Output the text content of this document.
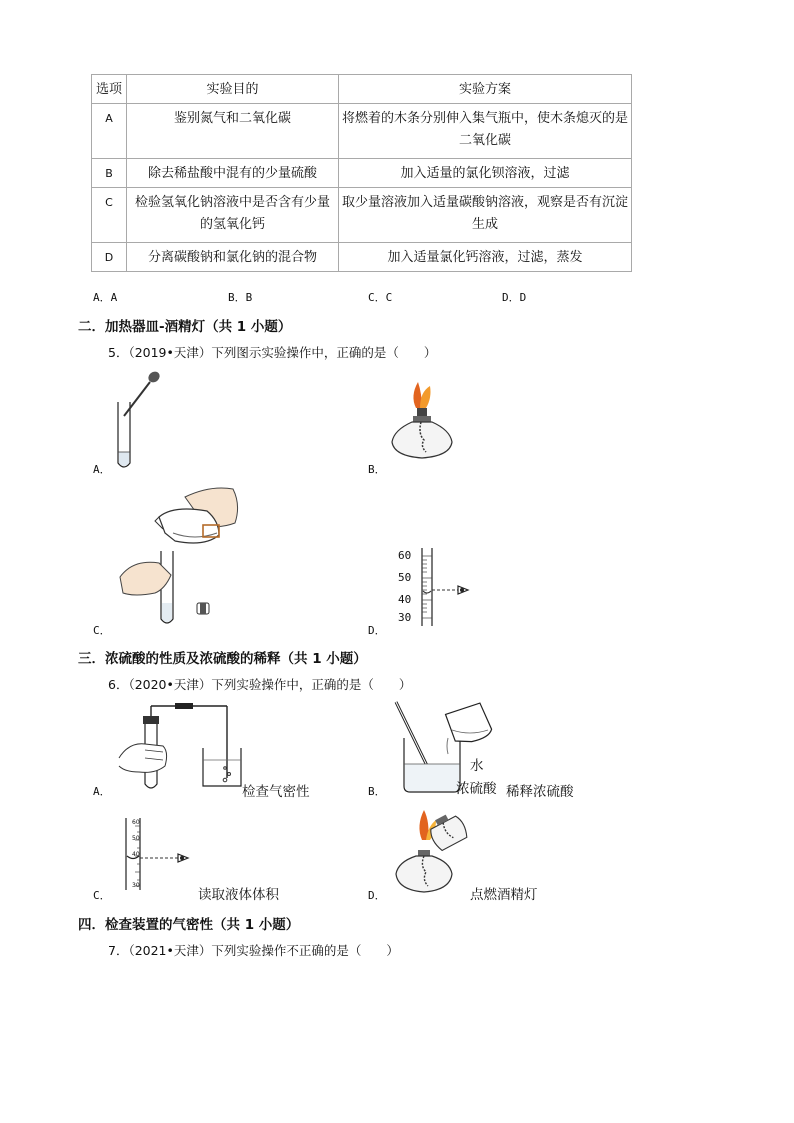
选项	实验目的	实验方案
A	鉴别氮气和二氧化碳	将燃着的木条分别伸入集气瓶中，使木条熄灭的是二氧化碳
B	除去稀盐酸中混有的少量硫酸	加入适量的氯化钡溶液，过滤
C	检验氢氧化钠溶液中是否含有少量的氢氧化钙	取少量溶液加入适量碳酸钠溶液，观察是否有沉淀生成
D	分离碳酸钠和氯化钠的混合物	加入适量氯化钙溶液，过滤，蒸发
A．A	B．B	C．C	D．D
二．加热器皿-酒精灯（共 1 小题）
5．（2019•天津）下列图示实验操作中，正确的是（　　）
A．	B．
C．
60
50
40
30
D．
三．浓硫酸的性质及浓硫酸的稀释（共 1 小题）
6．（2020•天津）下列实验操作中，正确的是（　　）
A．	检查气密性
水
浓硫酸
B．	稀释浓硫酸
60
50
40
30
C．	读取液体体积	D．	点燃酒精灯
四．检查装置的气密性（共 1 小题）
7．（2021•天津）下列实验操作不正确的是（　　）
